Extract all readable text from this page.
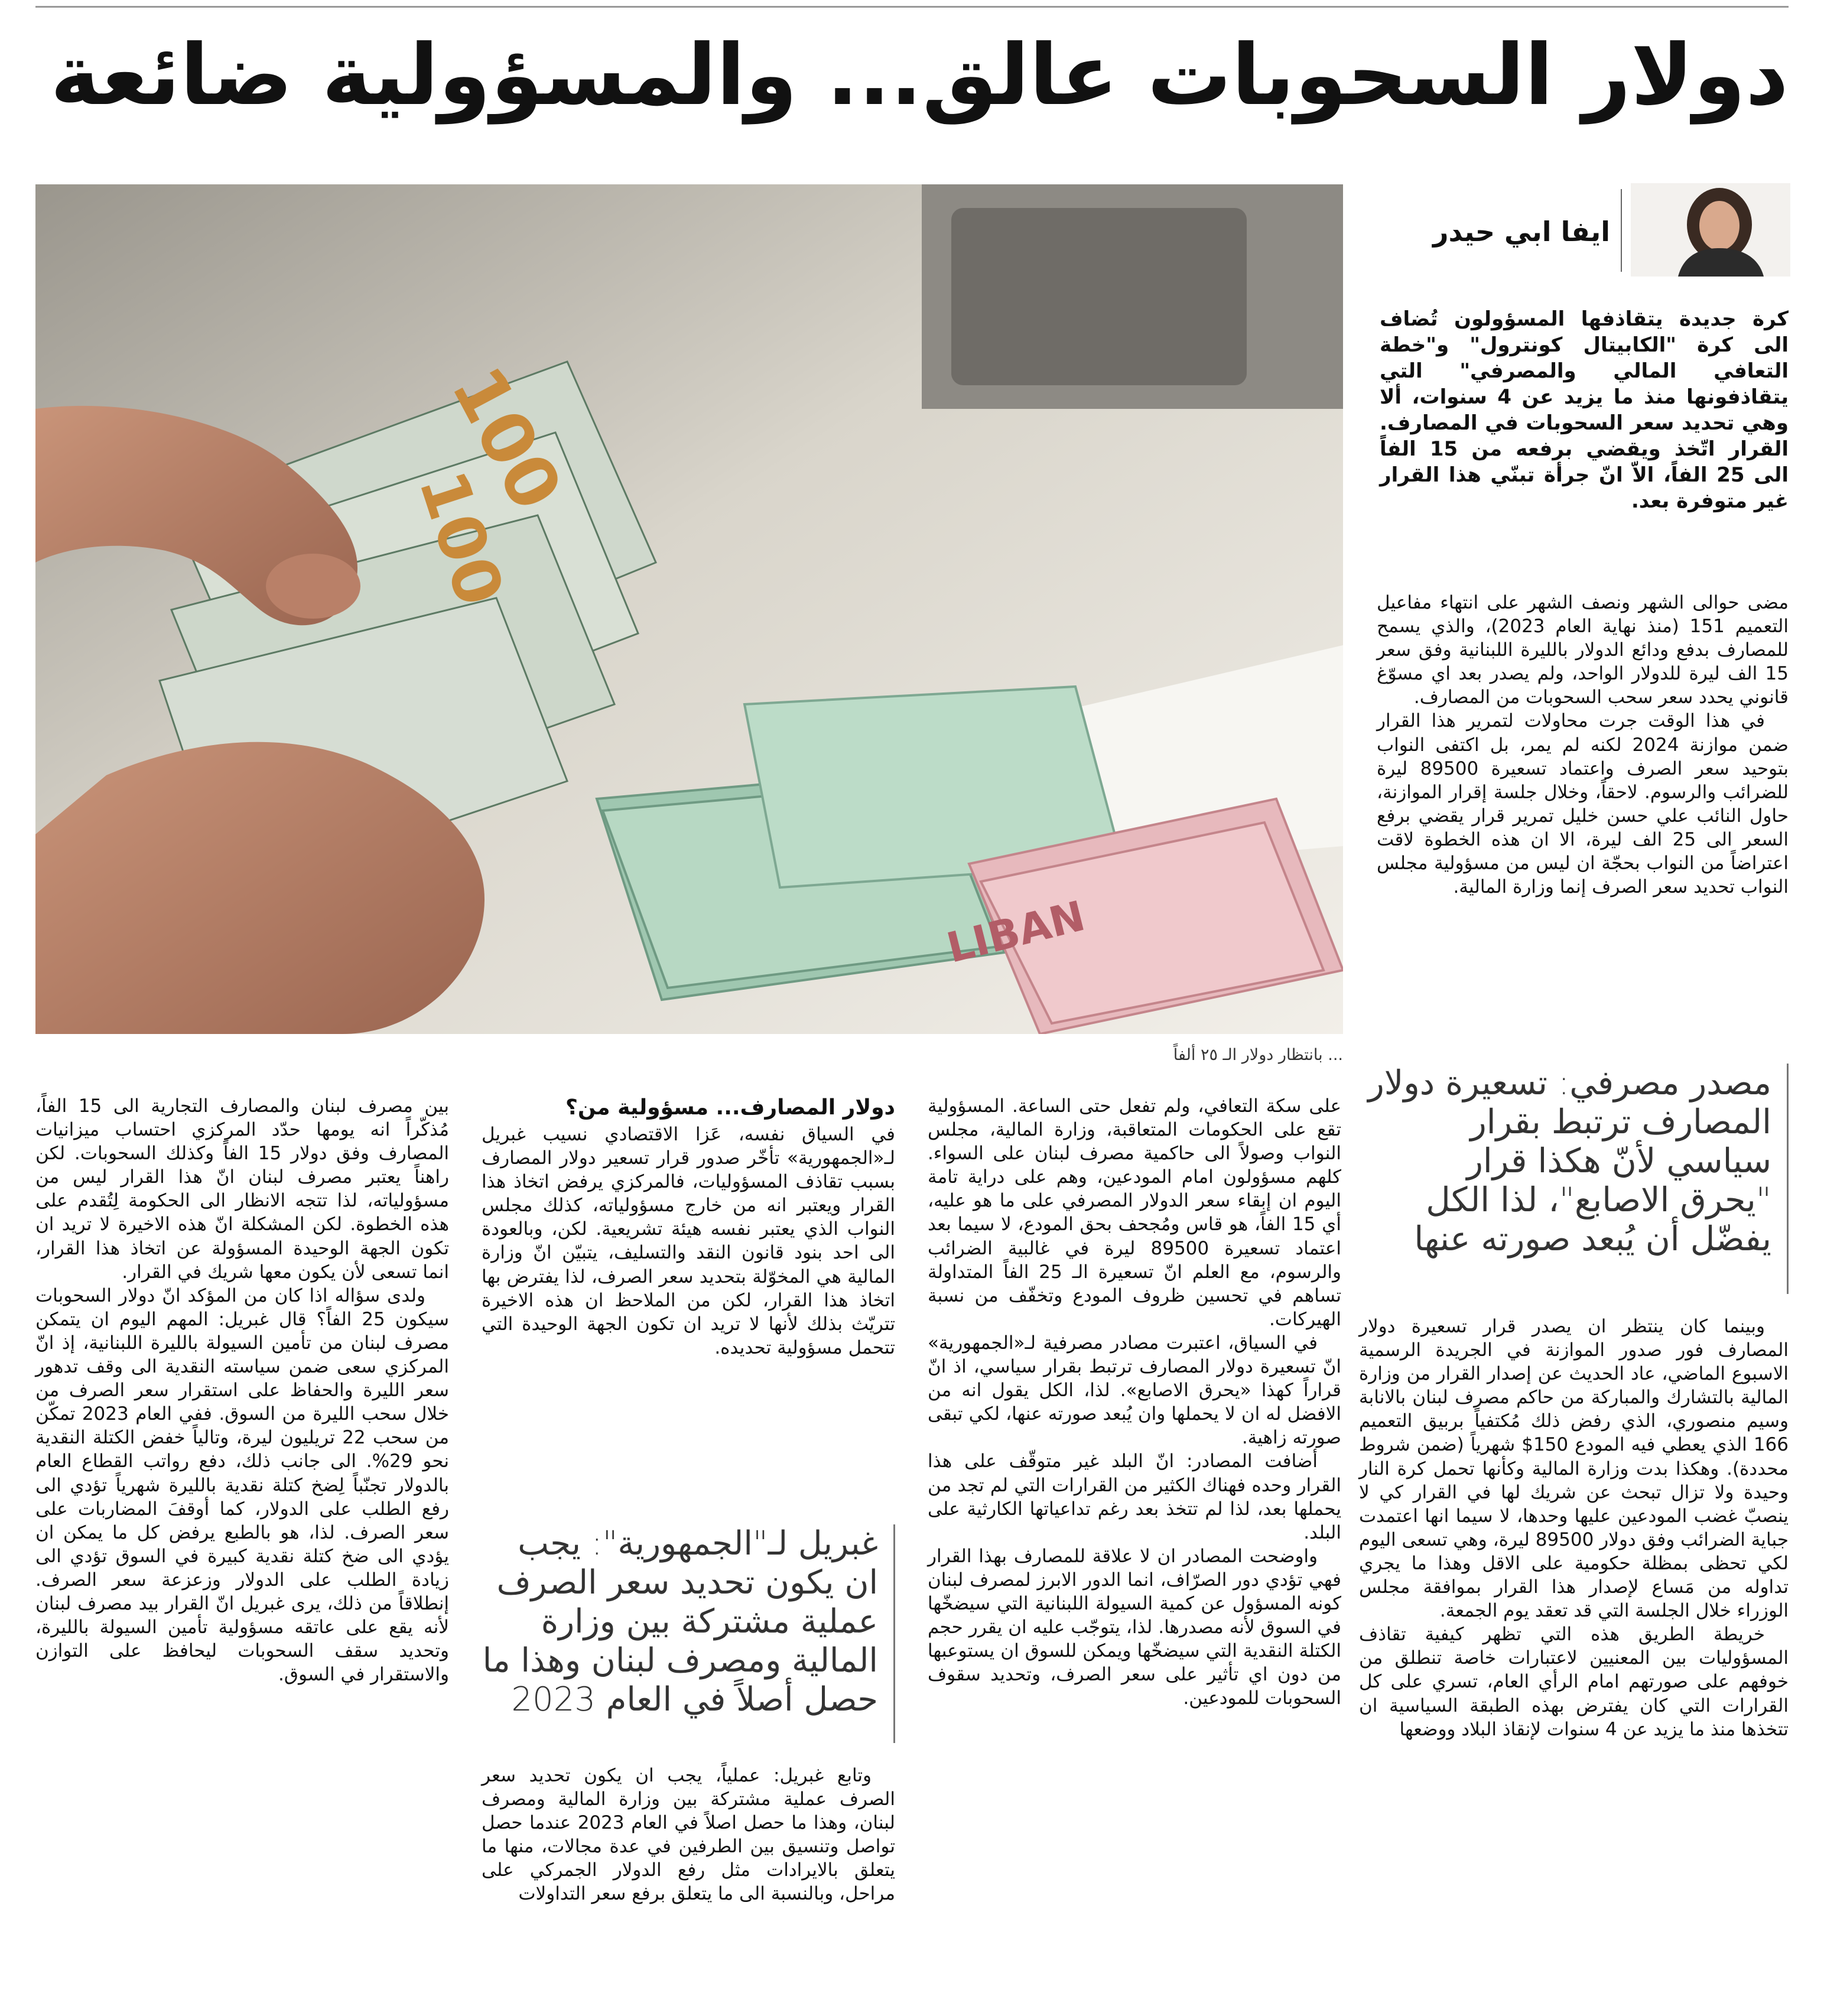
دولار السحوبات عالق... والمسؤولية ضائعة
LIBAN
100
100
... بانتظار دولار الـ ٢٥ ألفاً
ايفا ابي حيدر
كرة جديدة يتقاذفها المسؤولون تُضاف الى كرة "الكابيتال كونترول" و"خطة التعافي المالي والمصرفي" التي يتقاذفونها منذ ما يزيد عن 4 سنوات، ألا وهي تحديد سعر السحوبات في المصارف. القرار اتّخذ ويقضي برفعه من 15 الفاً الى 25 الفاً، الاّ انّ جرأة تبنّي هذا القرار غير متوفرة بعد.

مضى حوالى الشهر ونصف الشهر على انتهاء مفاعيل التعميم 151 (منذ نهاية العام 2023)، والذي يسمح للمصارف بدفع ودائع الدولار بالليرة اللبنانية وفق سعر 15 الف ليرة للدولار الواحد، ولم يصدر بعد اي مسوّغ قانوني يحدد سعر سحب السحوبات من المصارف.

في هذا الوقت جرت محاولات لتمرير هذا القرار ضمن موازنة 2024 لكنه لم يمر، بل اكتفى النواب بتوحيد سعر الصرف واعتماد تسعيرة 89500 ليرة للضرائب والرسوم. لاحقاً، وخلال جلسة إقرار الموازنة، حاول النائب علي حسن خليل تمرير قرار يقضي برفع السعر الى 25 الف ليرة، الا ان هذه الخطوة لاقت اعتراضاً من النواب بحجّة ان ليس من مسؤولية مجلس النواب تحديد سعر الصرف إنما وزارة المالية.

مصدر مصرفي: تسعيرة دولار المصارف ترتبط بقرار سياسي لأنّ هكذا قرار "يحرق الاصابع"، لذا الكل يفضّل أن يُبعد صورته عنها

وبينما كان ينتظر ان يصدر قرار تسعيرة دولار المصارف فور صدور الموازنة في الجريدة الرسمية الاسبوع الماضي، عاد الحديث عن إصدار القرار من وزارة المالية بالتشارك والمباركة من حاكم مصرف لبنان بالانابة وسيم منصوري، الذي رفض ذلك مُكتفياً بربيق التعميم 166 الذي يعطي فيه المودع 150$ شهرياً (ضمن شروط محددة). وهكذا بدت وزارة المالية وكأنها تحمل كرة النار وحيدة ولا تزال تبحث عن شريك لها في القرار كي لا ينصبّ غضب المودعين عليها وحدها، لا سيما انها اعتمدت جباية الضرائب وفق دولار 89500 ليرة، وهي تسعى اليوم لكي تحظى بمظلة حكومية على الاقل وهذا ما يجري تداوله من مَساع لإصدار هذا القرار بموافقة مجلس الوزراء خلال الجلسة التي قد تعقد يوم الجمعة.

خريطة الطريق هذه التي تظهر كيفية تقاذف المسؤوليات بين المعنيين لاعتبارات خاصة تنطلق من خوفهم على صورتهم امام الرأي العام، تسري على كل القرارات التي كان يفترض بهذه الطبقة السياسية ان تتخذها منذ ما يزيد عن 4 سنوات لإنقاذ البلاد ووضعها

على سكة التعافي، ولم تفعل حتى الساعة. المسؤولية تقع على الحكومات المتعاقبة، وزارة المالية، مجلس النواب وصولاً الى حاكمية مصرف لبنان على السواء. كلهم مسؤولون امام المودعين، وهم على دراية تامة اليوم ان إبقاء سعر الدولار المصرفي على ما هو عليه، أي 15 الفاً، هو قاس ومُجحف بحق المودع، لا سيما بعد اعتماد تسعيرة 89500 ليرة في غالبية الضرائب والرسوم، مع العلم انّ تسعيرة الـ 25 الفاً المتداولة تساهم في تحسين ظروف المودع وتخفّف من نسبة الهيركات.

في السياق، اعتبرت مصادر مصرفية لـ«الجمهورية» انّ تسعيرة دولار المصارف ترتبط بقرار سياسي، اذ انّ قراراً كهذا «يحرق الاصابع». لذا، الكل يقول انه من الافضل له ان لا يحملها وان يُبعد صورته عنها، لكي تبقى صورته زاهية.

أضافت المصادر: انّ البلد غير متوقّف على هذا القرار وحده فهناك الكثير من القرارات التي لم تجد من يحملها بعد، لذا لم تتخذ بعد رغم تداعياتها الكارثية على البلد.

واوضحت المصادر ان لا علاقة للمصارف بهذا القرار فهي تؤدي دور الصرّاف، انما الدور الابرز لمصرف لبنان كونه المسؤول عن كمية السيولة اللبنانية التي سيضخّها في السوق لأنه مصدرها. لذا، يتوجّب عليه ان يقرر حجم الكتلة النقدية التي سيضخّها ويمكن للسوق ان يستوعبها من دون اي تأثير على سعر الصرف، وتحديد سقوف السحوبات للمودعين.

دولار المصارف... مسؤولية من؟

في السياق نفسه، عَزا الاقتصادي نسيب غبريل لـ«الجمهورية» تأخّر صدور قرار تسعير دولار المصارف بسبب تقاذف المسؤوليات، فالمركزي يرفض اتخاذ هذا القرار ويعتبر انه من خارج مسؤولياته، كذلك مجلس النواب الذي يعتبر نفسه هيئة تشريعية. لكن، وبالعودة الى احد بنود قانون النقد والتسليف، يتبيّن انّ وزارة المالية هي المخوّلة بتحديد سعر الصرف، لذا يفترض بها اتخاذ هذا القرار، لكن من الملاحظ ان هذه الاخيرة تتريّث بذلك لأنها لا تريد ان تكون الجهة الوحيدة التي تتحمل مسؤولية تحديده.

غبريل لـ"الجمهورية": يجب ان يكون تحديد سعر الصرف عملية مشتركة بين وزارة المالية ومصرف لبنان وهذا ما حصل أصلاً في العام 2023

وتابع غبريل: عملياً، يجب ان يكون تحديد سعر الصرف عملية مشتركة بين وزارة المالية ومصرف لبنان، وهذا ما حصل اصلاً في العام 2023 عندما حصل تواصل وتنسيق بين الطرفين في عدة مجالات، منها ما يتعلق بالايرادات مثل رفع الدولار الجمركي على مراحل، وبالنسبة الى ما يتعلق برفع سعر التداولات

بين مصرف لبنان والمصارف التجارية الى 15 الفاً، مُذكّراً انه يومها حدّد المركزي احتساب ميزانيات المصارف وفق دولار 15 الفاً وكذلك السحوبات. لكن راهناً يعتبر مصرف لبنان انّ هذا القرار ليس من مسؤولياته، لذا تتجه الانظار الى الحكومة لِتُقدم على هذه الخطوة. لكن المشكلة انّ هذه الاخيرة لا تريد ان تكون الجهة الوحيدة المسؤولة عن اتخاذ هذا القرار، انما تسعى لأن يكون معها شريك في القرار.

ولدى سؤاله اذا كان من المؤكد انّ دولار السحوبات سيكون 25 الفاً؟ قال غبريل: المهم اليوم ان يتمكن مصرف لبنان من تأمين السيولة بالليرة اللبنانية، إذ انّ المركزي سعى ضمن سياسته النقدية الى وقف تدهور سعر الليرة والحفاظ على استقرار سعر الصرف من خلال سحب الليرة من السوق. ففي العام 2023 تمكّن من سحب 22 تريليون ليرة، وتالياً خفض الكتلة النقدية نحو 29%. الى جانب ذلك، دفع رواتب القطاع العام بالدولار تجنّباً لِضخ كتلة نقدية بالليرة شهرياً تؤدي الى رفع الطلب على الدولار، كما أوقفَ المضاربات على سعر الصرف. لذا، هو بالطبع يرفض كل ما يمكن ان يؤدي الى ضخ كتلة نقدية كبيرة في السوق تؤدي الى زيادة الطلب على الدولار وزعزعة سعر الصرف. إنطلاقاً من ذلك، يرى غبريل انّ القرار بيد مصرف لبنان لأنه يقع على عاتقه مسؤولية تأمين السيولة بالليرة، وتحديد سقف السحوبات ليحافظ على التوازن والاستقرار في السوق.
